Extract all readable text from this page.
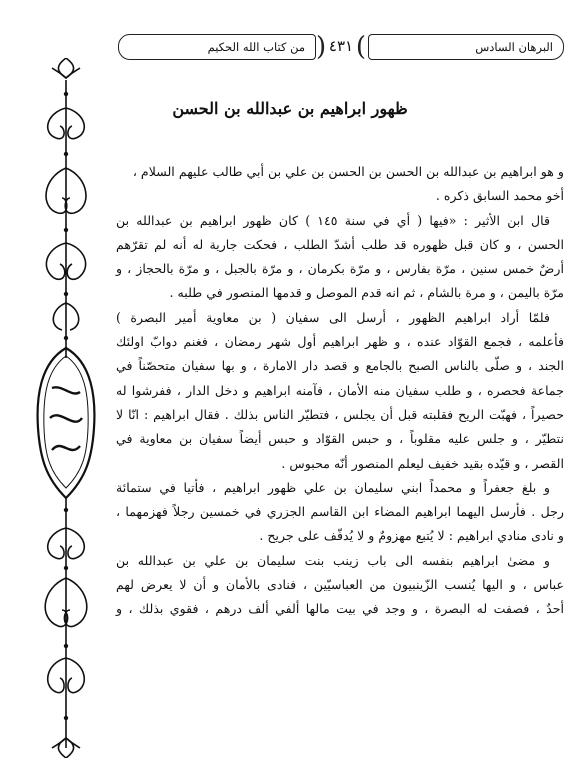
البرهان السادس
(
٤٣١
)
من كتاب الله الحكيم
ظهور ابراهيم بن عبدالله بن الحسن
و هو ابراهيم بن عبدالله بن الحسن بن الحسن بن علي بن أبي طالب عليهم السلام ،
أخو محمد السابق ذكره .
قال ابن الأثير : «فيها ( أي في سنة ١٤٥ ) كان ظهور ابراهيم بن عبدالله بن
الحسن ، و كان قبل ظهوره قد طلب أشدّ الطلب ، فحكت جارية له أنه لم تقرّهم
أرضٌ خمس سنين ، مرّة بفارس ، و مرّة بكرمان ، و مرّة بالجبل ، و مرّة بالحجاز ، و
مرّة باليمن ، و مرة بالشام ، ثم انه قدم الموصل و قدمها المنصور في طلبه .
فلمّا أراد ابراهيم الظهور ، أرسل الى سفيان ( بن معاوية أمير البصرة )
فأعلمه ، فجمع القوّاد عنده ، و ظهر ابراهيم أول شهر رمضان ، فغنم دوابّ اولئك
الجند ، و صلّى بالناس الصبح بالجامع و قصد دار الامارة ، و بها سفيان متحصّناً في
جماعة فحصره ، و طلب سفيان منه الأمان ، فآمنه ابراهيم و دخل الدار ، ففرشوا له
حصيراً ، فهبّت الريح فقلبته قبل أن يجلس ، فتطيّر الناس بذلك . فقال ابراهيم : انّا لا
نتطيّر ، و جلس عليه مقلوباً ، و حبس القوّاد و حبس أيضاً سفيان بن معاوية في
القصر ، و قيّده بقيد خفيف ليعلم المنصور أنّه محبوس .
و بلغ جعفراً و محمداً ابني سليمان بن علي ظهور ابراهيم ، فأتيا في ستمائة
رجل . فأرسل اليهما ابراهيم المضاء ابن القاسم الجزري في خمسين رجلاً فهزمهما ،
و نادى منادي ابراهيم : لا يُتبع مهزومٌ و لا يُدفّف على جريح .
و مضىٰ ابراهيم بنفسه الى باب زينب بنت سليمان بن علي بن عبدالله بن
عباس ، و اليها يُنسب الزّينبيون من العباسيّين ، فنادى بالأمان و أن لا يعرض لهم
أحدٌ ، فصفت له البصرة ، و وجد في بيت مالها ألفي ألف درهم ، فقوي بذلك ، و
